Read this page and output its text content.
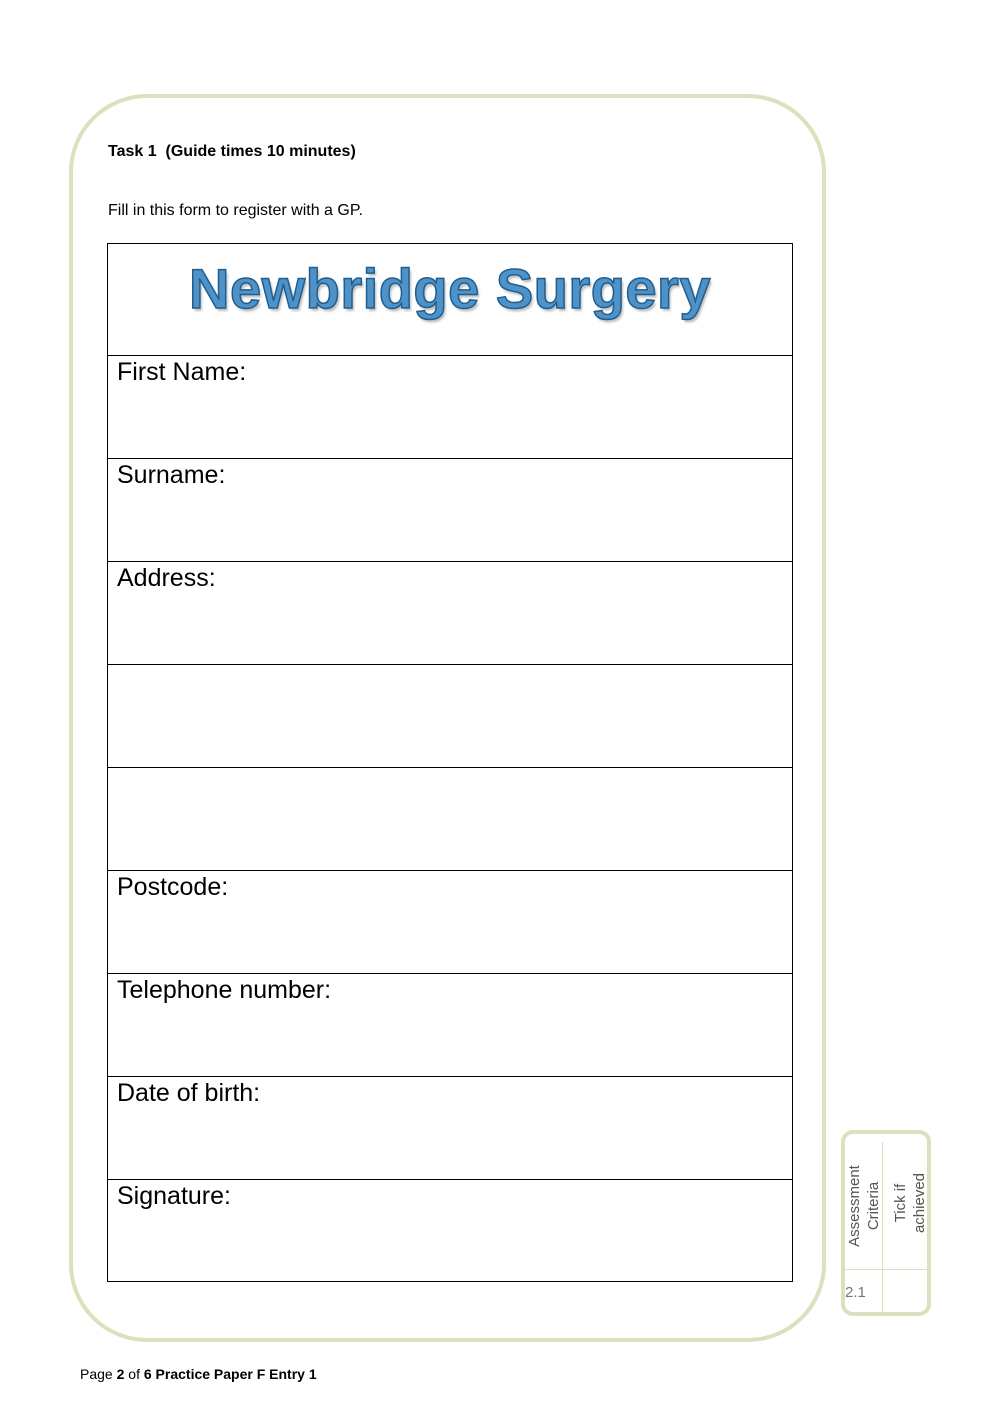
Task 1  (Guide times 10 minutes)
Fill in this form to register with a GP.
Newbridge Surgery
First Name:
Surname:
Address:
Postcode:
Telephone number:
Date of birth:
Signature:	Assessment Criteria Tick if achieved
2.1
Page 2 of 6 Practice Paper F Entry 1
